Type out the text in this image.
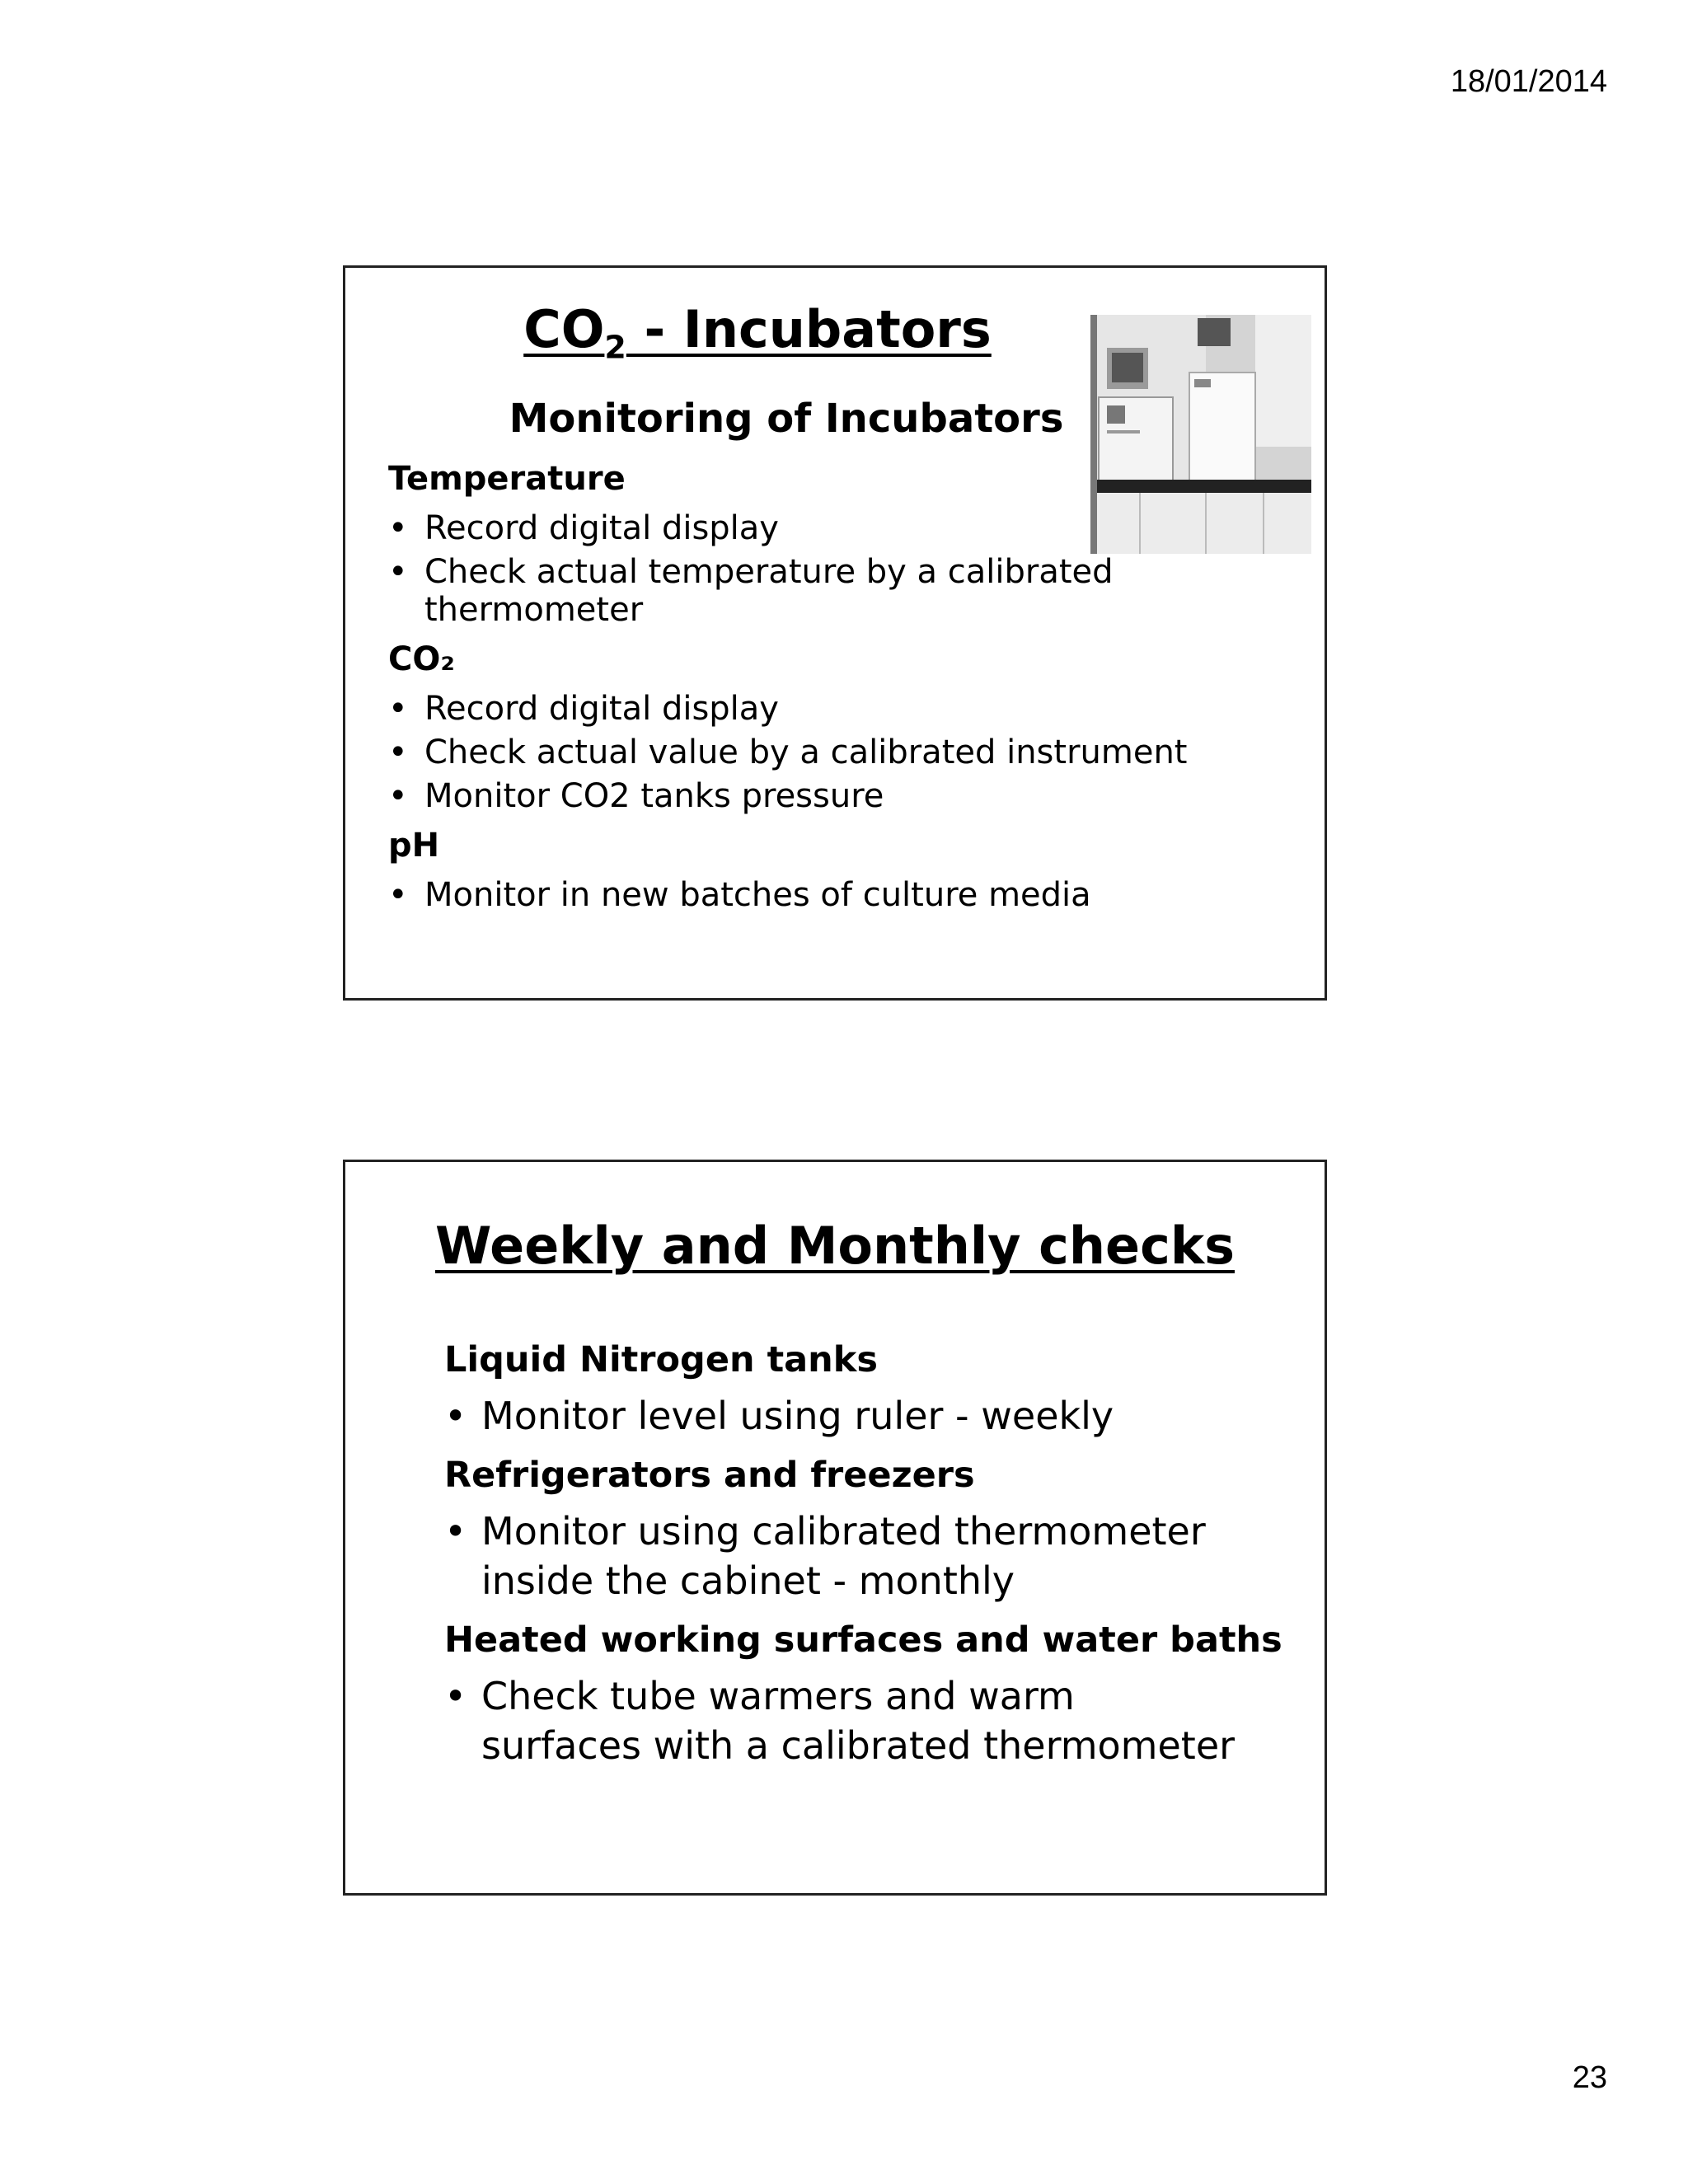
18/01/2014
$CO_2$ - Incubators
Monitoring of Incubators
Temperature
• Record digital display
• Check actual temperature by a calibrated thermometer
CO₂
• Record digital display
• Check actual value by a calibrated instrument
• Monitor CO2 tanks pressure
pH
• Monitor in new batches of culture media
Weekly and Monthly checks
Liquid Nitrogen tanks
• Monitor level using ruler - weekly
Refrigerators and freezers
• Monitor using calibrated thermometer inside the cabinet - monthly
Heated working surfaces and water baths
• Check tube warmers and warm surfaces with a calibrated thermometer
23
